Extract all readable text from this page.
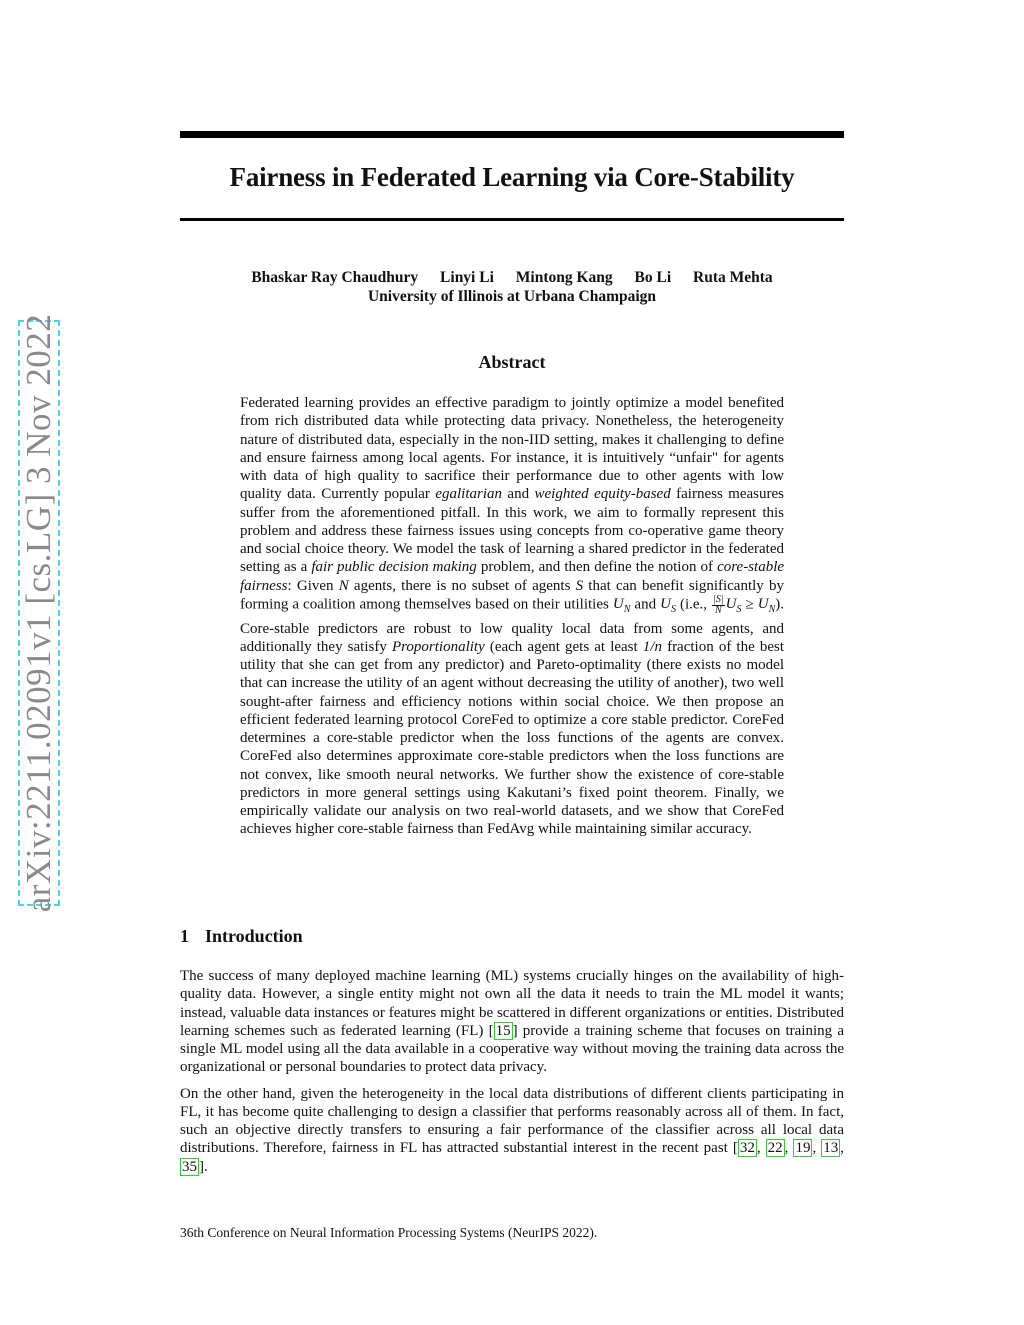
arXiv:2211.02091v1 [cs.LG] 3 Nov 2022
Fairness in Federated Learning via Core-Stability
Bhaskar Ray Chaudhury Linyi Li Mintong Kang Bo Li Ruta Mehta
University of Illinois at Urbana Champaign
Abstract
Federated learning provides an effective paradigm to jointly optimize a model benefited from rich distributed data while protecting data privacy. Nonetheless, the heterogeneity nature of distributed data, especially in the non-IID setting, makes it challenging to define and ensure fairness among local agents. For instance, it is intuitively “unfair" for agents with data of high quality to sacrifice their performance due to other agents with low quality data. Currently popular egalitarian and weighted equity-based fairness measures suffer from the aforementioned pitfall. In this work, we aim to formally represent this problem and address these fairness issues using concepts from co-operative game theory and social choice theory. We model the task of learning a shared predictor in the federated setting as a fair public decision making problem, and then define the notion of core-stable fairness: Given N agents, there is no subset of agents S that can benefit significantly by forming a coalition among themselves based on their utilities $U_N$ and $U_S$ (i.e., $\frac{|S|}{N} U_S \ge U_N$). Core-stable predictors are robust to low quality local data from some agents, and additionally they satisfy Proportionality (each agent gets at least 1/n fraction of the best utility that she can get from any predictor) and Pareto-optimality (there exists no model that can increase the utility of an agent without decreasing the utility of another), two well sought-after fairness and efficiency notions within social choice. We then propose an efficient federated learning protocol CoreFed to optimize a core stable predictor. CoreFed determines a core-stable predictor when the loss functions of the agents are convex. CoreFed also determines approximate core-stable predictors when the loss functions are not convex, like smooth neural networks. We further show the existence of core-stable predictors in more general settings using Kakutani’s fixed point theorem. Finally, we empirically validate our analysis on two real-world datasets, and we show that CoreFed achieves higher core-stable fairness than FedAvg while maintaining similar accuracy.
1 Introduction

The success of many deployed machine learning (ML) systems crucially hinges on the availability of high-quality data. However, a single entity might not own all the data it needs to train the ML model it wants; instead, valuable data instances or features might be scattered in different organizations or entities. Distributed learning schemes such as federated learning (FL) [ 15 ] provide a training scheme that focuses on training a single ML model using all the data available in a cooperative way without moving the training data across the organizational or personal boundaries to protect data privacy.

On the other hand, given the heterogeneity in the local data distributions of different clients participating in FL, it has become quite challenging to design a classifier that performs reasonably across all of them. In fact, such an objective directly transfers to ensuring a fair performance of the classifier across all local data distributions. Therefore, fairness in FL has attracted substantial interest in the recent past [ 32 , 22 , 19 , 13 , 35 ].

36th Conference on Neural Information Processing Systems (NeurIPS 2022).
